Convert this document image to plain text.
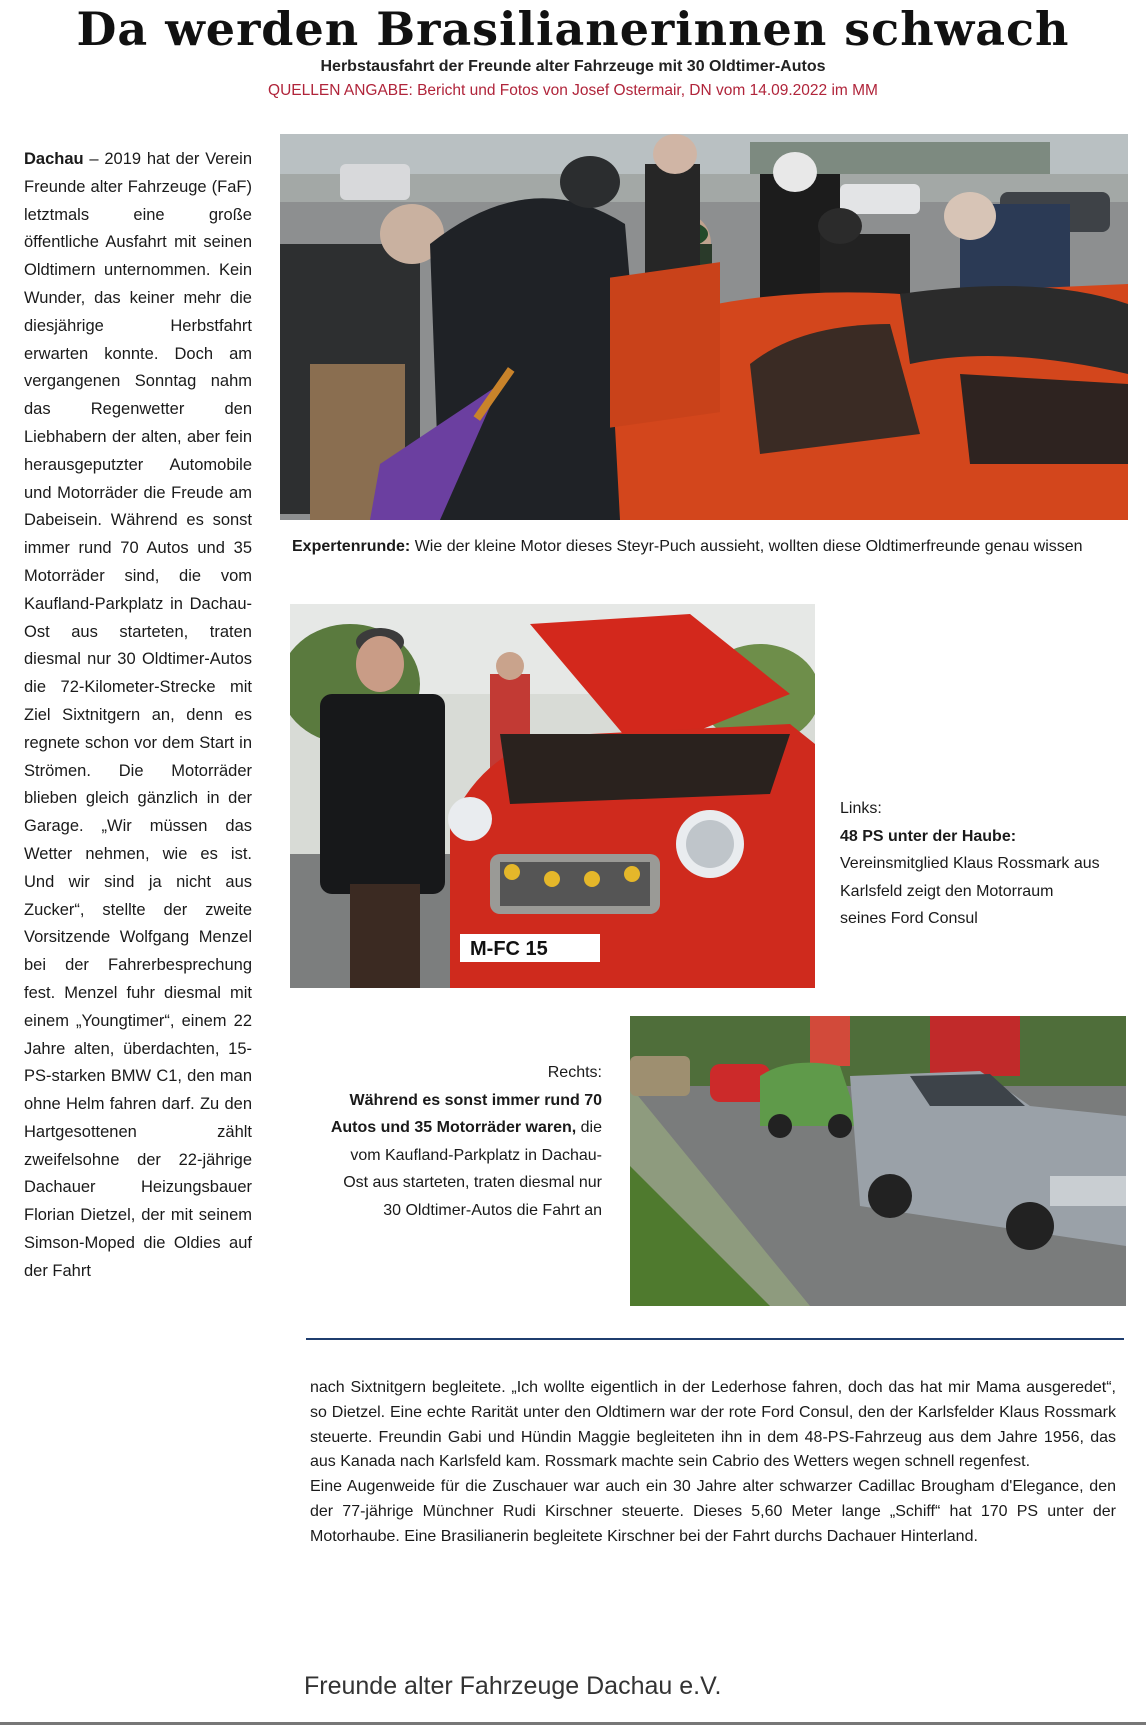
Da werden Brasilianerinnen schwach
Herbstausfahrt der Freunde alter Fahrzeuge mit 30 Oldtimer-Autos
QUELLEN ANGABE: Bericht und Fotos von Josef Ostermair, DN vom 14.09.2022 im MM

Dachau – 2019 hat der Verein Freunde alter Fahrzeuge (FaF) letztmals eine große öffentliche Ausfahrt mit seinen Oldtimern unternommen. Kein Wunder, das keiner mehr die diesjährige Herbstfahrt erwarten konnte. Doch am vergangenen Sonntag nahm das Regenwetter den Liebhabern der alten, aber fein herausgeputzter Automobile und Motorräder die Freude am Dabeisein. Während es sonst immer rund 70 Autos und 35 Motorräder sind, die vom Kaufland-Parkplatz in Dachau-Ost aus starteten, traten diesmal nur 30 Oldtimer-Autos die 72-Kilometer-Strecke mit Ziel Sixtnitgern an, denn es regnete schon vor dem Start in Strömen. Die Motorräder blieben gleich gänzlich in der Garage. „Wir müssen das Wetter nehmen, wie es ist. Und wir sind ja nicht aus Zucker“, stellte der zweite Vorsitzende Wolfgang Menzel bei der Fahrerbesprechung fest. Menzel fuhr diesmal mit einem „Youngtimer“, einem 22 Jahre alten, überdachten, 15-PS-starken BMW C1, den man ohne Helm fahren darf. Zu den Hartgesottenen zählt zweifelsohne der 22-jährige Dachauer Heizungsbauer Florian Dietzel, der mit seinem Simson-Moped die Oldies auf der Fahrt

Expertenrunde: Wie der kleine Motor dieses Steyr-Puch aussieht, wollten diese Oldtimerfreunde genau wissen
M-FC 15
Links:
48 PS unter der Haube:
Vereinsmitglied Klaus Rossmark aus Karlsfeld zeigt den Motorraum seines Ford Consul
Rechts:
Während es sonst immer rund 70 Autos und 35 Motorräder waren, die vom Kaufland-Parkplatz in Dachau-Ost aus starteten, traten diesmal nur 30 Oldtimer-Autos die Fahrt an

nach Sixtnitgern begleitete. „Ich wollte eigentlich in der Lederhose fahren, doch das hat mir Mama ausgeredet“, so Dietzel. Eine echte Rarität unter den Oldtimern war der rote Ford Consul, den der Karlsfelder Klaus Rossmark steuerte. Freundin Gabi und Hündin Maggie begleiteten ihn in dem 48-PS-Fahrzeug aus dem Jahre 1956, das aus Kanada nach Karlsfeld kam. Rossmark machte sein Cabrio des Wetters wegen schnell regenfest.

Eine Augenweide für die Zuschauer war auch ein 30 Jahre alter schwarzer Cadillac Brougham d'Elegance, den der 77-jährige Münchner Rudi Kirschner steuerte. Dieses 5,60 Meter lange „Schiff“ hat 170 PS unter der Motorhaube. Eine Brasilianerin begleitete Kirschner bei der Fahrt durchs Dachauer Hinterland.

Freunde alter Fahrzeuge Dachau e.V.
